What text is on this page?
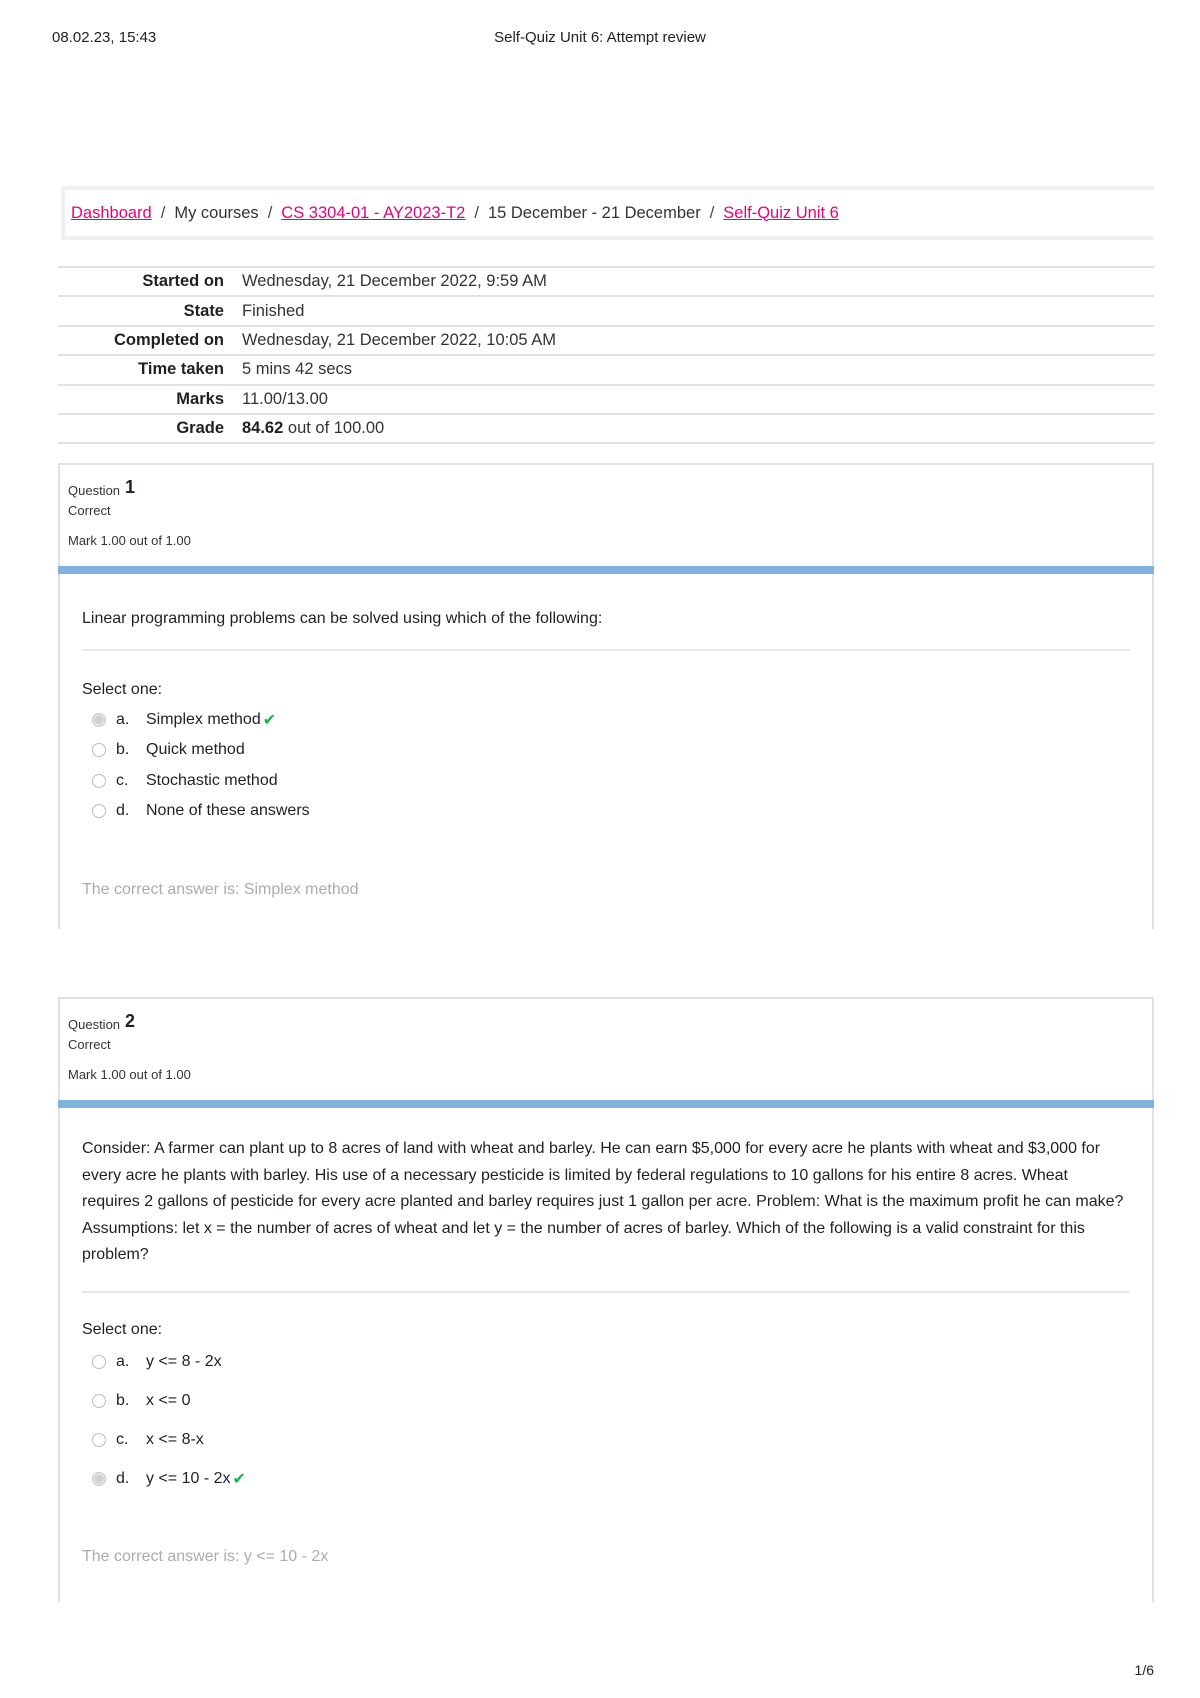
08.02.23, 15:43	Self-Quiz Unit 6: Attempt review
Dashboard / My courses / CS 3304-01 - AY2023-T2 / 15 December - 21 December / Self-Quiz Unit 6
Started on	Wednesday, 21 December 2022, 9:59 AM
State	Finished
Completed on	Wednesday, 21 December 2022, 10:05 AM
Time taken	5 mins 42 secs
Marks	11.00/13.00
Grade	84.62 out of 100.00
Question 1
Correct
Mark 1.00 out of 1.00
Linear programming problems can be solved using which of the following:
Select one:
a.	Simplex method ✔
b.	Quick method
c.	Stochastic method
d.	None of these answers
The correct answer is: Simplex method
Question 2
Correct
Mark 1.00 out of 1.00
Consider: A farmer can plant up to 8 acres of land with wheat and barley. He can earn $5,000 for every acre he plants with wheat and $3,000 for every acre he plants with barley. His use of a necessary pesticide is limited by federal regulations to 10 gallons for his entire 8 acres. Wheat requires 2 gallons of pesticide for every acre planted and barley requires just 1 gallon per acre. Problem: What is the maximum profit he can make? Assumptions: let x = the number of acres of wheat and let y = the number of acres of barley. Which of the following is a valid constraint for this problem?
Select one:
a.	y <= 8 - 2x
b.	x <= 0
c.	x <= 8-x
d.	y <= 10 - 2x ✔
The correct answer is: y <= 10 - 2x
1/6
